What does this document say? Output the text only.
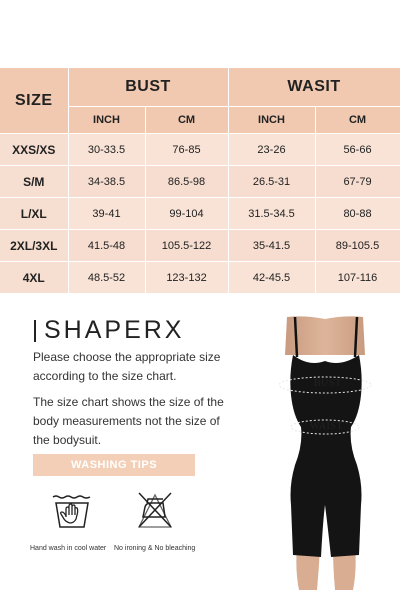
SIZE	BUST		WASIT	
	INCH	CM	INCH	CM
XXS/XS	30-33.5	76-85	23-26	56-66
S/M	34-38.5	86.5-98	26.5-31	67-79
L/XL	39-41	99-104	31.5-34.5	80-88
2XL/3XL	41.5-48	105.5-122	35-41.5	89-105.5
4XL	48.5-52	123-132	42-45.5	107-116
SHAPERX
Please choose the appropriate size according to the size chart.
The size chart shows the size of the body measurements not the size of the bodysuit.
WASHING TIPS
Hand wash in cool water No ironing & No bleaching
BUST
WAIST
